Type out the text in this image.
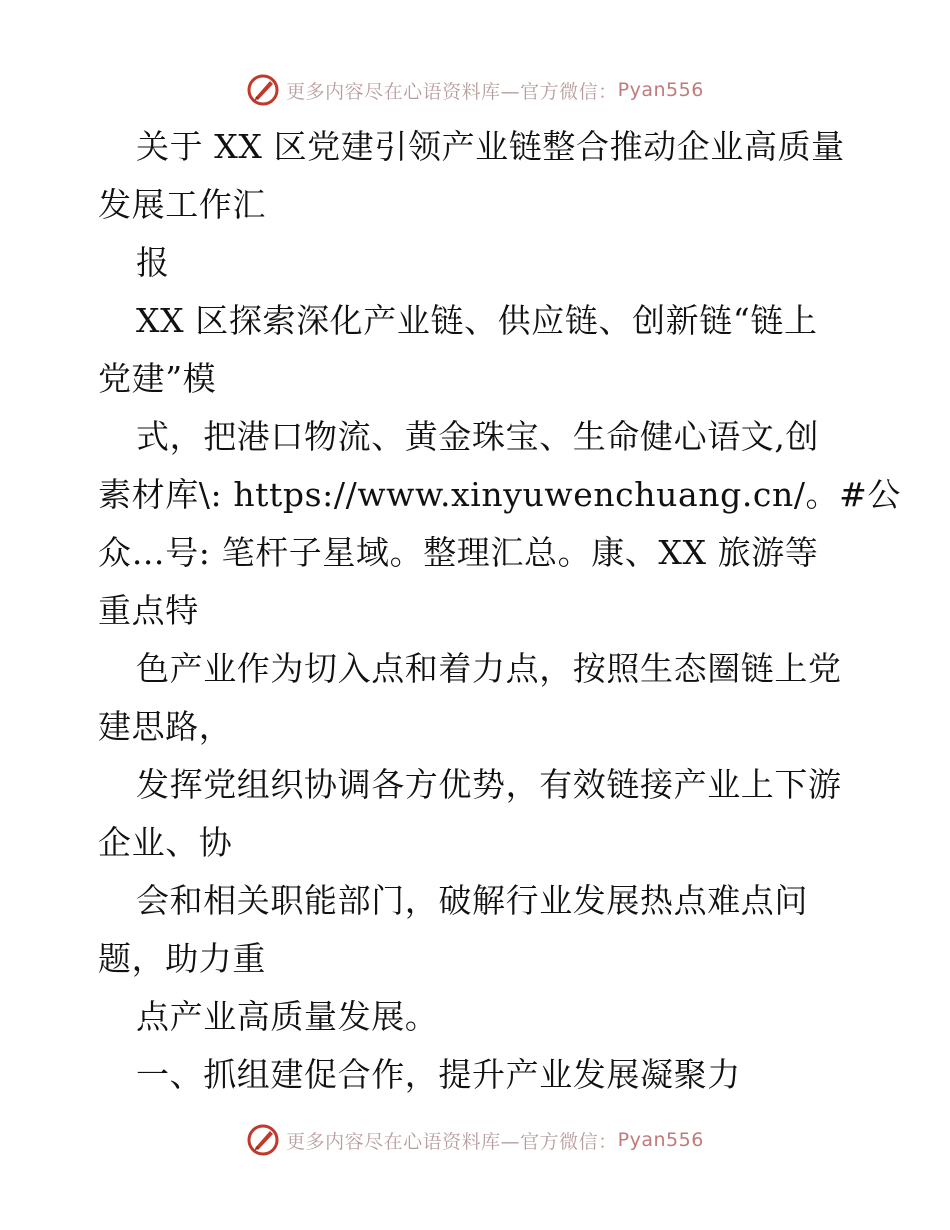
更多内容尽在心语资料库—官方微信： Pyan556
关于 XX 区党建引领产业链整合推动企业高质量
发展工作汇
报
XX 区探索深化产业链、供应链、创新链“链上
党建”模
式，把港口物流、黄金珠宝、生命健心语文,创
素材库\: https://www.xinyuwenchuang.cn/。#公
众…号: 笔杆子星域。整理汇总。康、XX 旅游等
重点特
色产业作为切入点和着力点，按照生态圈链上党
建思路，
发挥党组织协调各方优势，有效链接产业上下游
企业、协
会和相关职能部门，破解行业发展热点难点问
题，助力重
点产业高质量发展。
一、抓组建促合作，提升产业发展凝聚力
更多内容尽在心语资料库—官方微信： Pyan556
